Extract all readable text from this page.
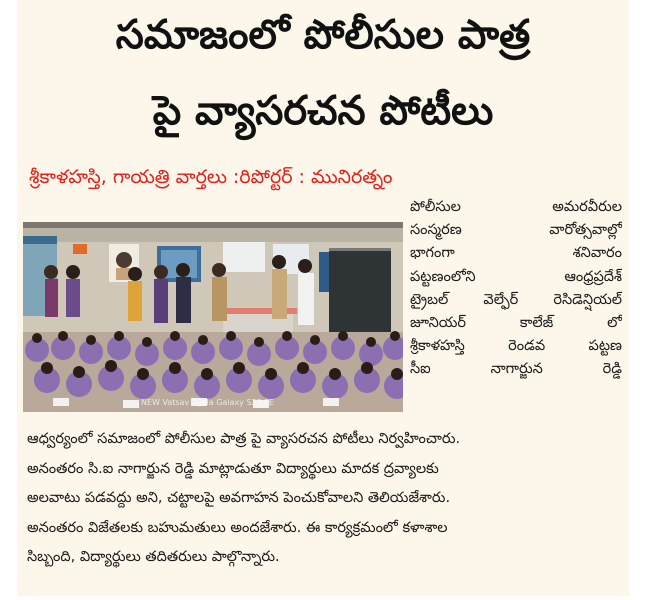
సమాజంలో పోలీసుల పాత్ర
పై వ్యాసరచన పోటీలు
శ్రీకాళహస్తి, గాయత్రి వార్తలు :రిపోర్టర్ : మునిరత్నం
NEW Vatsav Ajjala Galaxy S23 FE
పోలీసుల అమరవీరుల
సంస్మరణ వారోత్సవాల్లో
భాగంగా శనివారం
పట్టణంలోని ఆంధ్రప్రదేశ్
ట్రైబల్ వెల్ఫేర్ రెసిడెన్షియల్
జూనియర్ కాలేజ్ లో
శ్రీకాళహస్తి రెండవ పట్టణ
సీఐ నాగార్జున రెడ్డి
ఆధ్వర్యంలో సమాజంలో పోలీసుల పాత్ర పై వ్యాసరచన పోటీలు నిర్వహించారు.
అనంతరం సి.ఐ నాగార్జున రెడ్డి మాట్లాడుతూ విద్యార్థులు మాదక ద్రవ్యాలకు
అలవాటు పడవద్దు అని, చట్టాలపై అవగాహన పెంచుకోవాలని తెలియజేశారు.
అనంతరం విజేతలకు బహుమతులు అందజేశారు. ఈ కార్యక్రమంలో కళాశాల
సిబ్బంది, విద్యార్థులు తదితరులు పాల్గొన్నారు.
